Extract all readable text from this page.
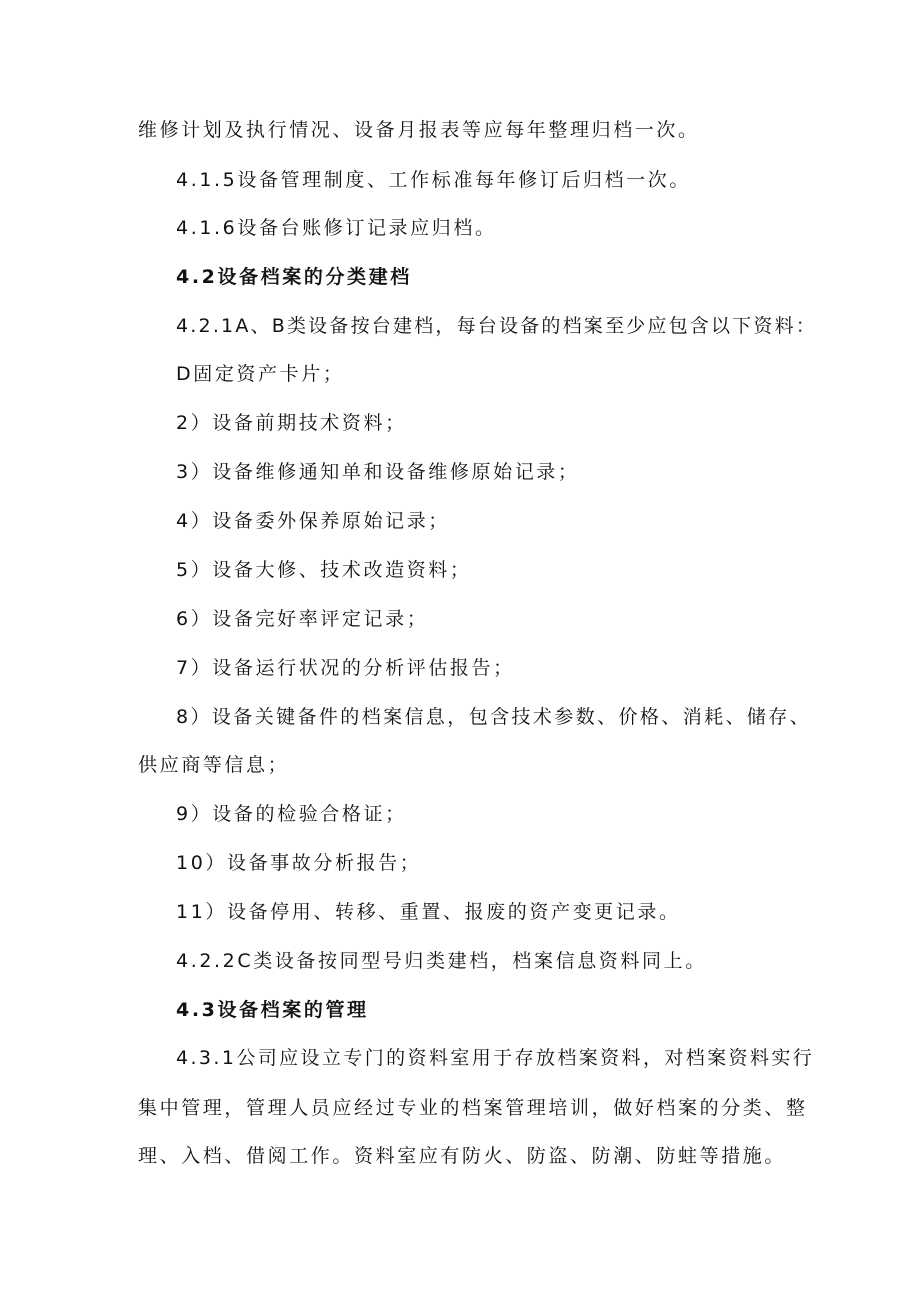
维修计划及执行情况、设备月报表等应每年整理归档一次。
4.1.5设备管理制度、工作标准每年修订后归档一次。
4.1.6设备台账修订记录应归档。
4.2设备档案的分类建档
4.2.1A、B类设备按台建档，每台设备的档案至少应包含以下资料：
D固定资产卡片；
2）设备前期技术资料；
3）设备维修通知单和设备维修原始记录；
4）设备委外保养原始记录；
5）设备大修、技术改造资料；
6）设备完好率评定记录；
7）设备运行状况的分析评估报告；
8）设备关键备件的档案信息，包含技术参数、价格、消耗、储存、
供应商等信息；
9）设备的检验合格证；
10）设备事故分析报告；
11）设备停用、转移、重置、报废的资产变更记录。
4.2.2C类设备按同型号归类建档，档案信息资料同上。
4.3设备档案的管理
4.3.1公司应设立专门的资料室用于存放档案资料，对档案资料实行
集中管理，管理人员应经过专业的档案管理培训，做好档案的分类、整
理、入档、借阅工作。资料室应有防火、防盗、防潮、防蛀等措施。
